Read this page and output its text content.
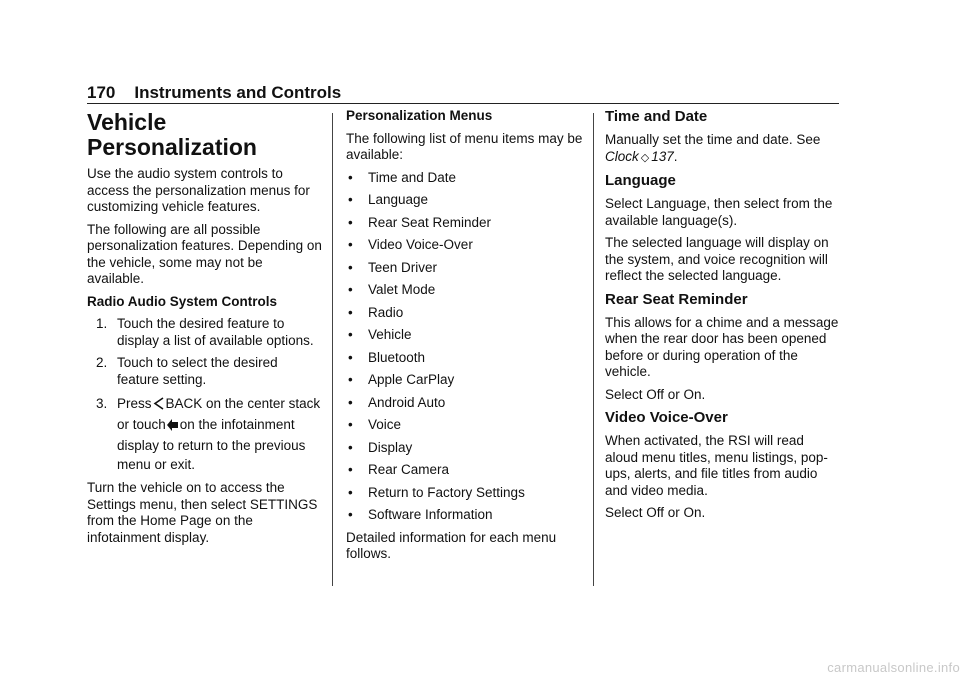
170 Instruments and Controls
Vehicle
Personalization

Use the audio system controls to access the personalization menus for customizing vehicle features.

The following are all possible personalization features. Depending on the vehicle, some may not be available.

Radio Audio System Controls

1. Touch the desired feature to display a list of available options.
2. Touch to select the desired feature setting.
3. Press BACK on the center stack or touch on the infotainment display to return to the previous menu or exit.

Turn the vehicle on to access the Settings menu, then select SETTINGS from the Home Page on the infotainment display.

Personalization Menus

The following list of menu items may be available:

• Time and Date
• Language
• Rear Seat Reminder
• Video Voice-Over
• Teen Driver
• Valet Mode
• Radio
• Vehicle
• Bluetooth
• Apple CarPlay
• Android Auto
• Voice
• Display
• Rear Camera
• Return to Factory Settings
• Software Information

Detailed information for each menu follows.

Time and Date

Manually set the time and date. See Clock ◇ 137.

Language

Select Language, then select from the available language(s).

The selected language will display on the system, and voice recognition will reflect the selected language.

Rear Seat Reminder

This allows for a chime and a message when the rear door has been opened before or during operation of the vehicle.

Select Off or On.

Video Voice-Over

When activated, the RSI will read aloud menu titles, menu listings, pop-ups, alerts, and file titles from audio and video media.

Select Off or On.

carmanualsonline.info
